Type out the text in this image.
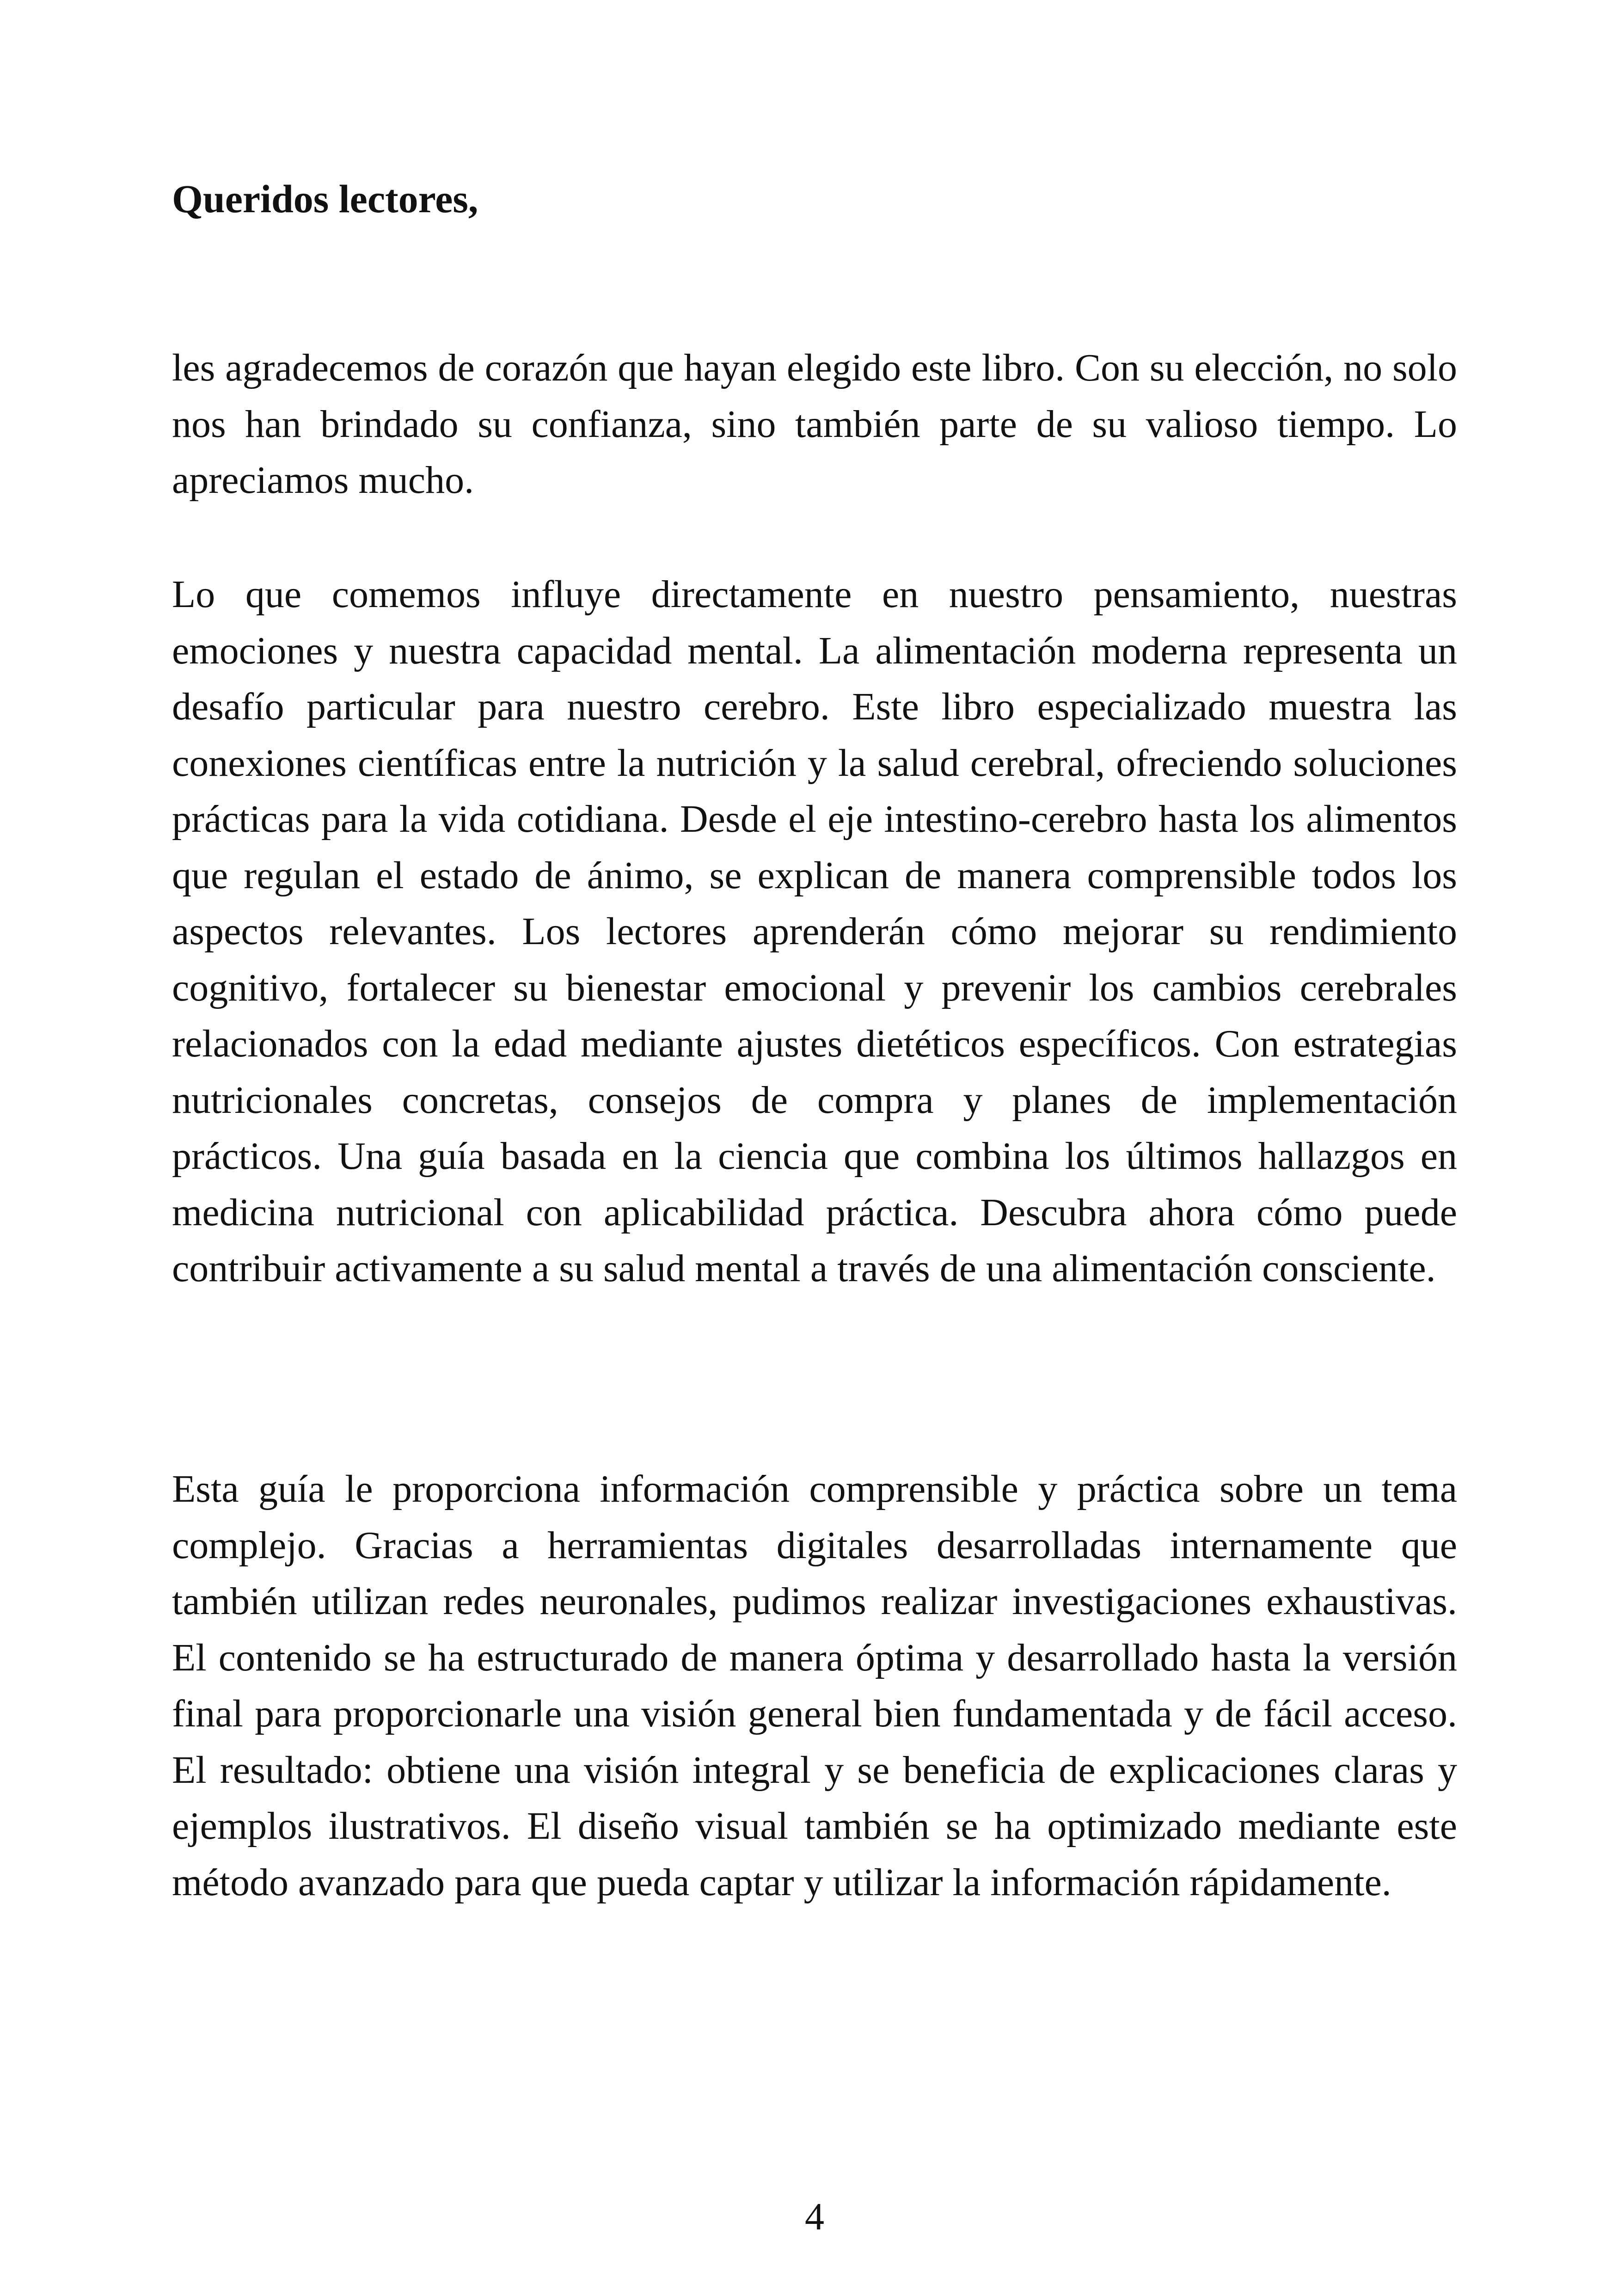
Queridos lectores,

les agradecemos de corazón que hayan elegido este libro. Con su elección, no solo nos han brindado su confianza, sino también parte de su valioso tiempo. Lo apreciamos mucho.

Lo que comemos influye directamente en nuestro pensamiento, nuestras emociones y nuestra capacidad mental. La alimentación moderna representa un desafío particular para nuestro cerebro. Este libro especializado muestra las conexiones científicas entre la nutrición y la salud cerebral, ofreciendo soluciones prácticas para la vida cotidiana. Desde el eje intestino-cerebro hasta los alimentos que regulan el estado de ánimo, se explican de manera comprensible todos los aspectos relevantes. Los lectores aprenderán cómo mejorar su rendimiento cognitivo, fortalecer su bienestar emocional y prevenir los cambios cerebrales relacionados con la edad mediante ajustes dietéticos específicos. Con estrategias nutricionales concretas, consejos de compra y planes de implementación prácticos. Una guía basada en la ciencia que combina los últimos hallazgos en medicina nutricional con aplicabilidad práctica. Descubra ahora cómo puede contribuir activamente a su salud mental a través de una alimentación consciente.

Esta guía le proporciona información comprensible y práctica sobre un tema complejo. Gracias a herramientas digitales desarrolladas internamente que también utilizan redes neuronales, pudimos realizar investigaciones exhaustivas. El contenido se ha estructurado de manera óptima y desarrollado hasta la versión final para proporcionarle una visión general bien fundamentada y de fácil acceso. El resultado: obtiene una visión integral y se beneficia de explicaciones claras y ejemplos ilustrativos. El diseño visual también se ha optimizado mediante este método avanzado para que pueda captar y utilizar la información rápidamente.

4
